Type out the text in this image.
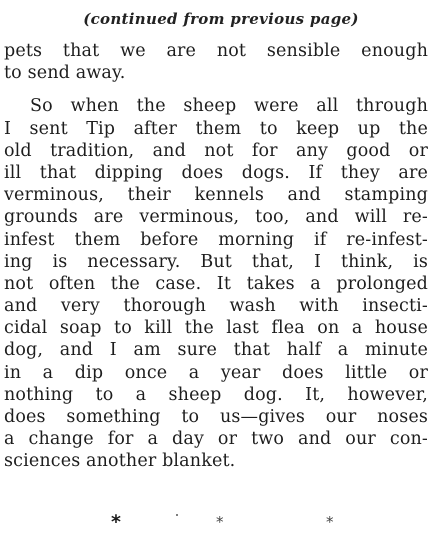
(continued from previous page)
pets that we are not sensible enough
to send away.
So when the sheep were all through
I sent Tip after them to keep up the
old tradition, and not for any good or
ill that dipping does dogs. If they are
verminous, their kennels and stamping
grounds are verminous, too, and will re-
infest them before morning if re-infest-
ing is necessary. But that, I think, is
not often the case. It takes a prolonged
and very thorough wash with insecti-
cidal soap to kill the last flea on a house
dog, and I am sure that half a minute
in a dip once a year does little or
nothing to a sheep dog. It, however,
does something to us—gives our noses
a change for a day or two and our con-
sciences another blanket.
*	*	*
